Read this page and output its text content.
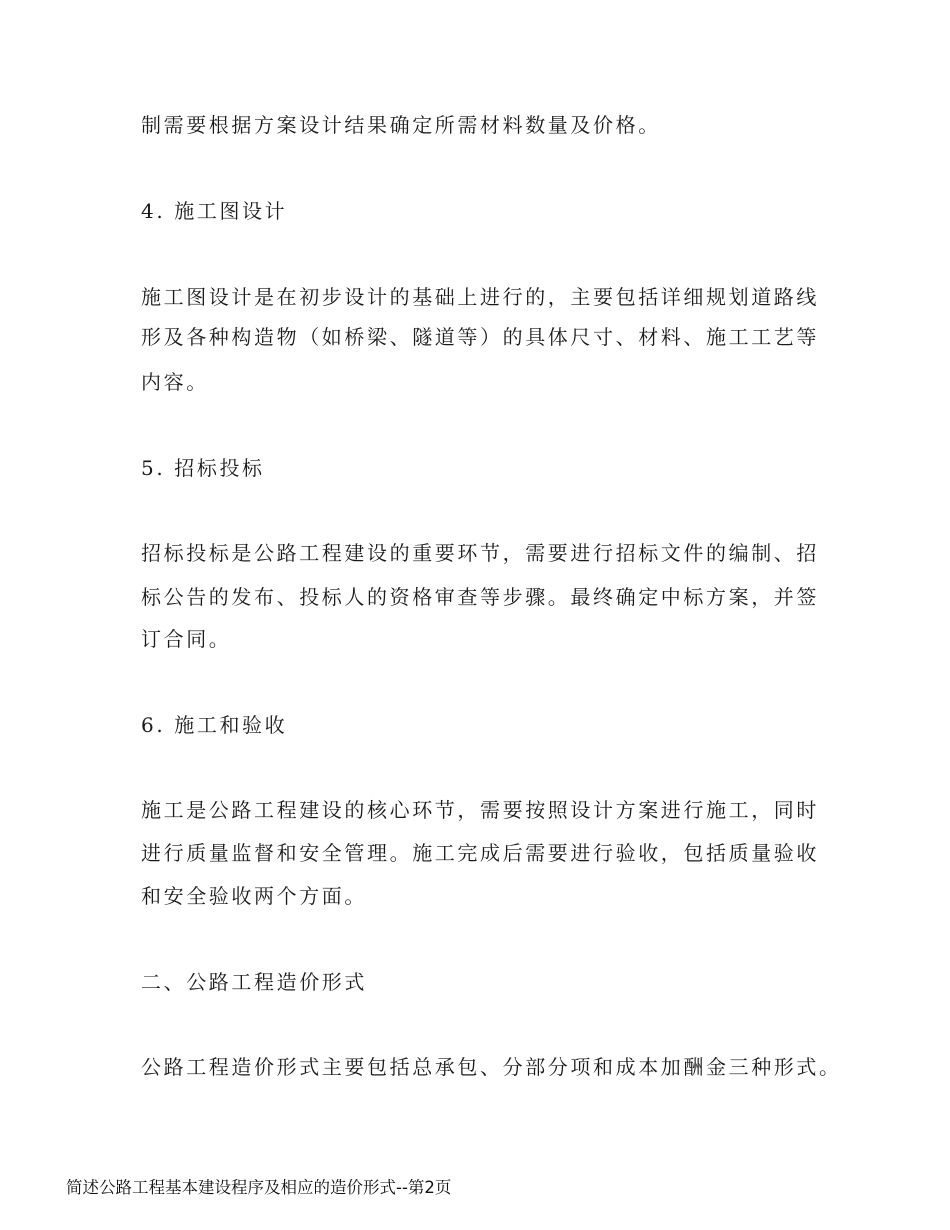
制需要根据方案设计结果确定所需材料数量及价格。

4. 施工图设计

施工图设计是在初步设计的基础上进行的，主要包括详细规划道路线

形及各种构造物（如桥梁、隧道等）的具体尺寸、材料、施工工艺等

内容。

5. 招标投标

招标投标是公路工程建设的重要环节，需要进行招标文件的编制、招

标公告的发布、投标人的资格审查等步骤。最终确定中标方案，并签

订合同。

6. 施工和验收

施工是公路工程建设的核心环节，需要按照设计方案进行施工，同时

进行质量监督和安全管理。施工完成后需要进行验收，包括质量验收

和安全验收两个方面。

二、公路工程造价形式

公路工程造价形式主要包括总承包、分部分项和成本加酬金三种形式。

简述公路工程基本建设程序及相应的造价形式--第2页
